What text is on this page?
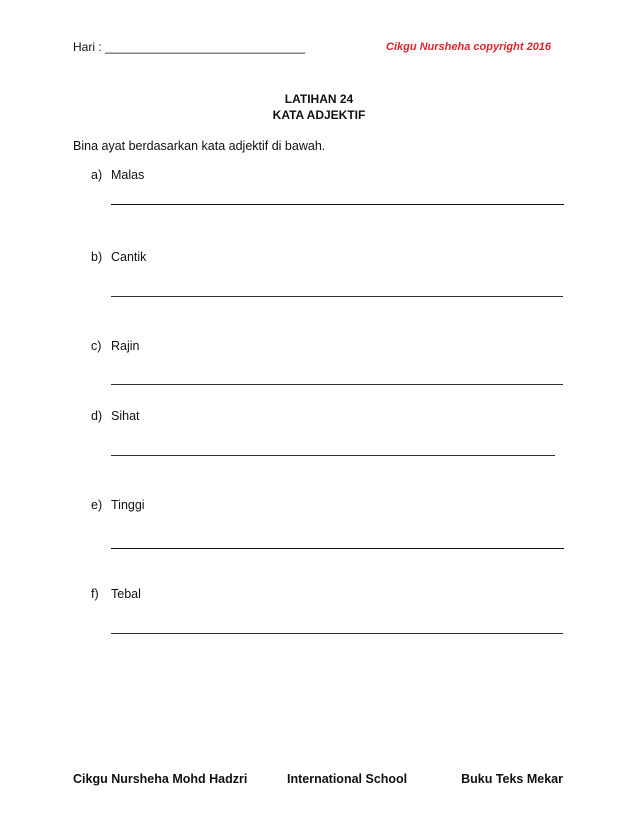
Hari : ______________________________	Cikgu Nursheha copyright 2016
LATIHAN 24
KATA ADJEKTIF
Bina ayat berdasarkan kata adjektif di bawah.
a) Malas
b) Cantik
c) Rajin
d) Sihat
e) Tinggi
f) Tebal
Cikgu Nursheha Mohd Hadzri	International School	Buku Teks Mekar
